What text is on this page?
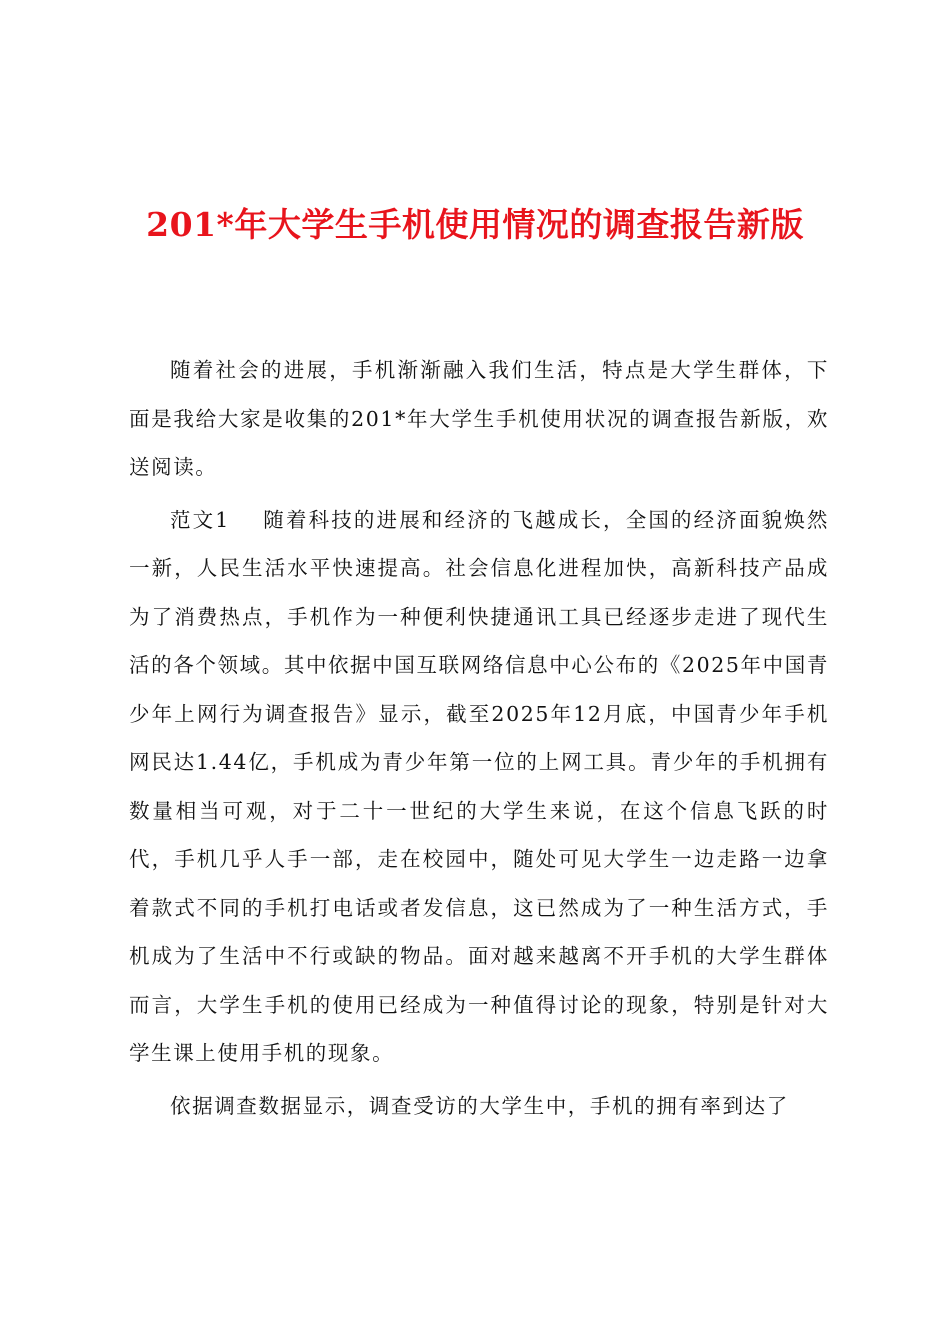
201*年大学生手机使用情况的调查报告新版

随着社会的进展，手机渐渐融入我们生活，特点是大学生群体，下面是我给大家是收集的201*年大学生手机使用状况的调查报告新版，欢送阅读。

范文1 随着科技的进展和经济的飞越成长，全国的经济面貌焕然一新，人民生活水平快速提高。社会信息化进程加快，高新科技产品成为了消费热点，手机作为一种便利快捷通讯工具已经逐步走进了现代生活的各个领域。其中依据中国互联网络信息中心公布的《2025年中国青少年上网行为调查报告》显示，截至2025年12月底，中国青少年手机网民达1.44亿，手机成为青少年第一位的上网工具。青少年的手机拥有数量相当可观，对于二十一世纪的大学生来说，在这个信息飞跃的时代，手机几乎人手一部，走在校园中，随处可见大学生一边走路一边拿着款式不同的手机打电话或者发信息，这已然成为了一种生活方式，手机成为了生活中不行或缺的物品。面对越来越离不开手机的大学生群体而言，大学生手机的使用已经成为一种值得讨论的现象，特别是针对大学生课上使用手机的现象。

依据调查数据显示，调查受访的大学生中，手机的拥有率到达了
